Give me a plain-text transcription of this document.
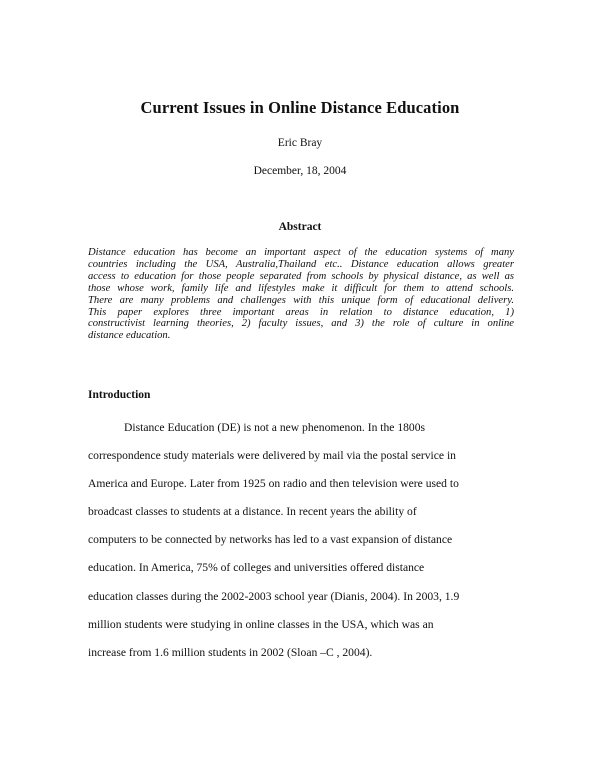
Current Issues in Online Distance Education
Eric Bray
December, 18, 2004
Abstract
Distance education has become an important aspect of the education systems of many
countries including the USA, Australia,Thailand etc.. Distance education allows greater
access to education for those people separated from schools by physical distance, as well as
those whose work, family life and lifestyles make it difficult for them to attend schools.
There are many problems and challenges with this unique form of educational delivery.
This paper explores three important areas in relation to distance education, 1)
constructivist learning theories, 2) faculty issues, and 3) the role of culture in online
distance education.
Introduction
Distance Education (DE) is not a new phenomenon. In the 1800s
correspondence study materials were delivered by mail via the postal service in
America and Europe. Later from 1925 on radio and then television were used to
broadcast classes to students at a distance. In recent years the ability of
computers to be connected by networks has led to a vast expansion of distance
education. In America, 75% of colleges and universities offered distance
education classes during the 2002-2003 school year (Dianis, 2004). In 2003, 1.9
million students were studying in online classes in the USA, which was an
increase from 1.6 million students in 2002 (Sloan –C , 2004).
